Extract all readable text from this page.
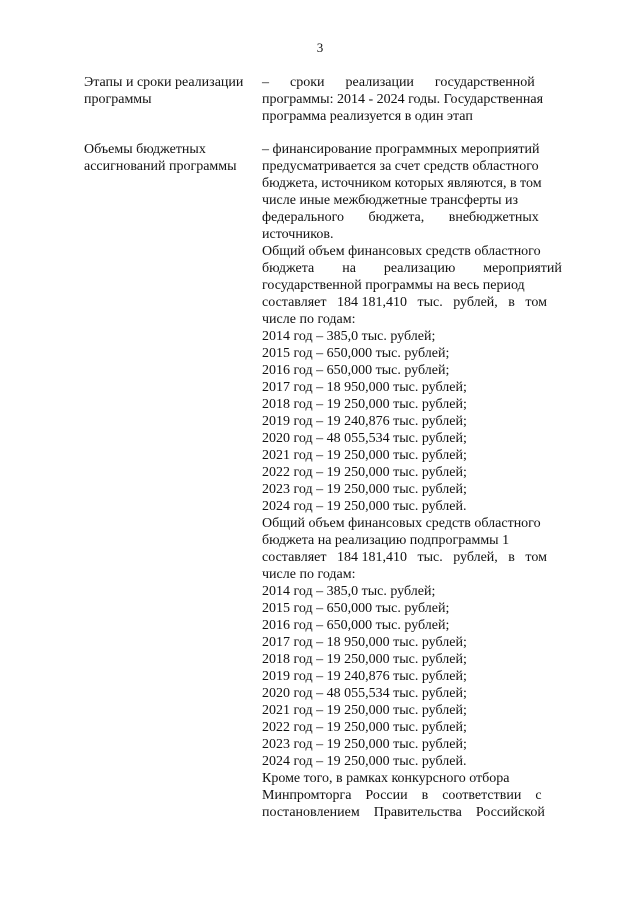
3
Этапы и сроки реализации
программы
–      сроки      реализации      государственной
программы: 2014 - 2024 годы. Государственная
программа реализуется в один этап
Объемы бюджетных
ассигнований программы
– финансирование программных мероприятий
предусматривается за счет средств областного
бюджета, источником которых являются, в том
числе иные межбюджетные трансферты из
федерального       бюджета,       внебюджетных
источников.
Общий объем финансовых средств областного
бюджета        на        реализацию        мероприятий
государственной программы на весь период
составляет   184 181,410   тыс.   рублей,   в   том
числе по годам:
2014 год – 385,0 тыс. рублей;
2015 год – 650,000 тыс. рублей;
2016 год – 650,000 тыс. рублей;
2017 год – 18 950,000 тыс. рублей;
2018 год – 19 250,000 тыс. рублей;
2019 год – 19 240,876 тыс. рублей;
2020 год – 48 055,534 тыс. рублей;
2021 год – 19 250,000 тыс. рублей;
2022 год – 19 250,000 тыс. рублей;
2023 год – 19 250,000 тыс. рублей;
2024 год – 19 250,000 тыс. рублей.
Общий объем финансовых средств областного
бюджета на реализацию подпрограммы 1
составляет   184 181,410   тыс.   рублей,   в   том
числе по годам:
2014 год – 385,0 тыс. рублей;
2015 год – 650,000 тыс. рублей;
2016 год – 650,000 тыс. рублей;
2017 год – 18 950,000 тыс. рублей;
2018 год – 19 250,000 тыс. рублей;
2019 год – 19 240,876 тыс. рублей;
2020 год – 48 055,534 тыс. рублей;
2021 год – 19 250,000 тыс. рублей;
2022 год – 19 250,000 тыс. рублей;
2023 год – 19 250,000 тыс. рублей;
2024 год – 19 250,000 тыс. рублей.
Кроме того, в рамках конкурсного отбора
Минпромторга    России    в    соответствии    с
постановлением    Правительства    Российской
